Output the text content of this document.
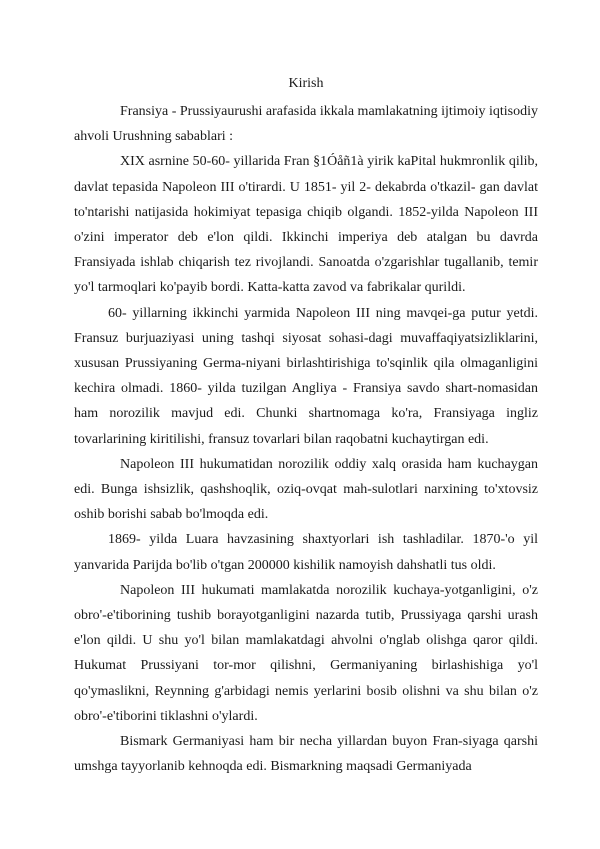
Kirish

Fransiya - Prussiyaurushi arafasida ikkala mamlakatning ijtimoiy iqtisodiy ahvoli Urushning sabablari :

XIX asrnine 50-60- yillarida Fran §1Óåñ1à yirik kaPital hukmronlik qilib, davlat tepasida Napoleon III o'tirardi. U 1851- yil 2- dekabrda o'tkazil- gan davlat to'ntarishi natijasida hokimiyat tepasiga chiqib olgandi. 1852-yilda Napoleon III o'zini imperator deb e'lon qildi. Ikkinchi imperiya deb atalgan bu davrda Fransiyada ishlab chiqarish tez rivojlandi. Sanoatda o'zgarishlar tugallanib, temir yo'l tarmoqlari ko'payib bordi. Katta-katta zavod va fabrikalar qurildi.

60- yillarning ikkinchi yarmida Napoleon III ning mavqei-ga putur yetdi. Fransuz burjuaziyasi uning tashqi siyosat sohasi-dagi muvaffaqiyatsizliklarini, xususan Prussiyaning Germa-niyani birlashtirishiga to'sqinlik qila olmaganligini kechira olmadi. 1860- yilda tuzilgan Angliya - Fransiya savdo shart-nomasidan ham norozilik mavjud edi. Chunki shartnomaga ko'ra, Fransiyaga ingliz tovarlarining kiritilishi, fransuz tovarlari bilan raqobatni kuchaytirgan edi.

Napoleon III hukumatidan norozilik oddiy xalq orasida ham kuchaygan edi. Bunga ishsizlik, qashshoqlik, oziq-ovqat mah-sulotlari narxining to'xtovsiz oshib borishi sabab bo'lmoqda edi.

1869- yilda Luara havzasining shaxtyorlari ish tashladilar. 1870-'o yil yanvarida Parijda bo'lib o'tgan 200000 kishilik namoyish dahshatli tus oldi.

Napoleon III hukumati mamlakatda norozilik kuchaya-yotganligini, o'z obro'-e'tiborining tushib borayotganligini nazarda tutib, Prussiyaga qarshi urash e'lon qildi. U shu yo'l bilan mamlakatdagi ahvolni o'nglab olishga qaror qildi. Hukumat Prussiyani tor-mor qilishni, Germaniyaning birlashishiga yo'l qo'ymaslikni, Reynning g'arbidagi nemis yerlarini bosib olishni va shu bilan o'z obro'-e'tiborini tiklashni o'ylardi.

Bismark Germaniyasi ham bir necha yillardan buyon Fran-siyaga qarshi umshga tayyorlanib kehnoqda edi. Bismarkning maqsadi Germaniyada
